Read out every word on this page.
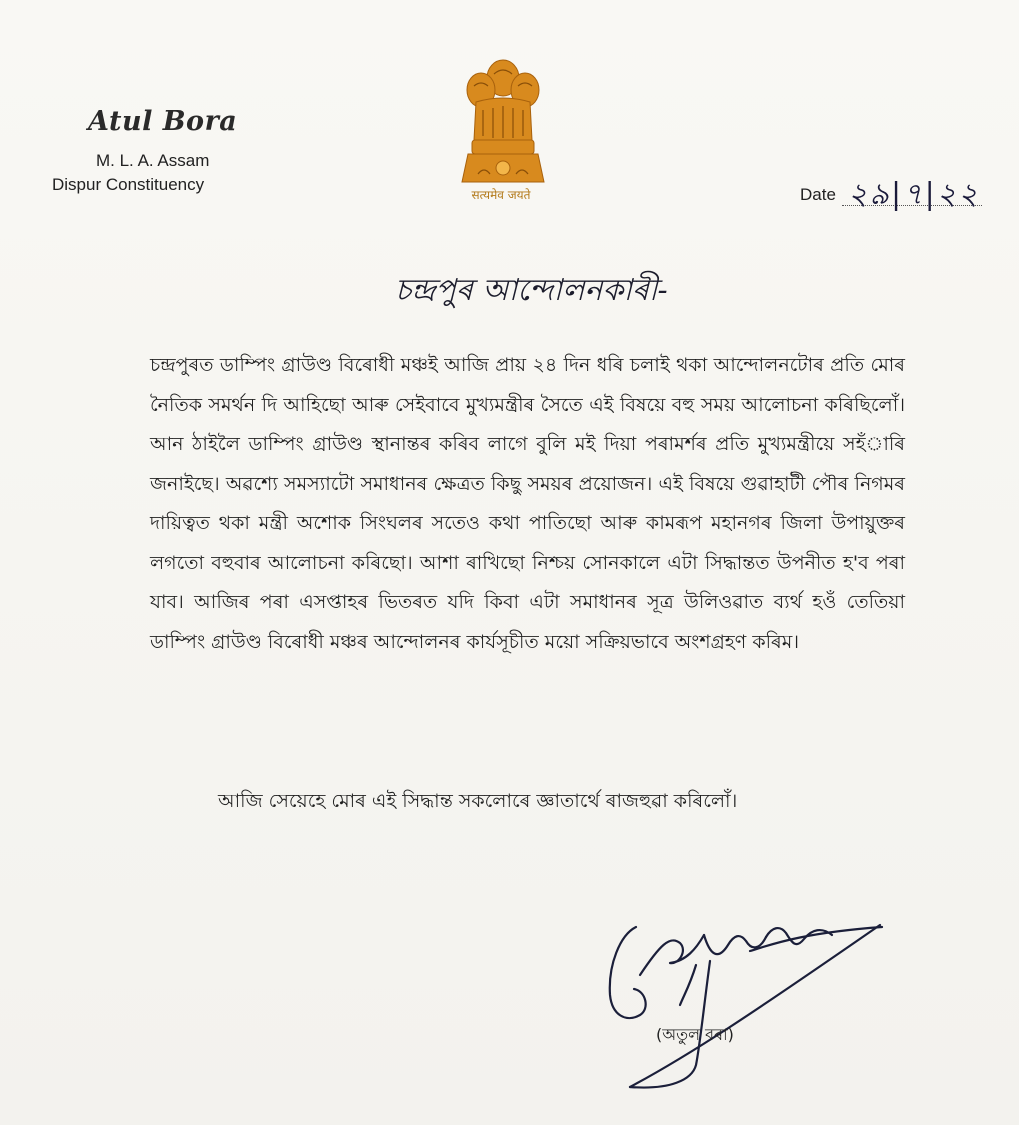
Atul Bora
M. L. A. Assam
Dispur Constituency
सत्यमेव जयते	Date ২৯|৭|২২
চন্দ্ৰপুৰ আন্দোলনকাৰী-

চন্দ্ৰপুৰত ডাম্পিং গ্ৰাউণ্ড বিৰোধী মঞ্চই আজি প্ৰায় ২৪ দিন ধৰি চলাই থকা আন্দোলনটোৰ প্ৰতি মোৰ নৈতিক সমৰ্থন দি আহিছো আৰু সেইবাবে মুখ্যমন্ত্ৰীৰ সৈতে এই বিষয়ে বহু সময় আলোচনা কৰিছিলোঁ। আন ঠাইলৈ ডাম্পিং গ্ৰাউণ্ড স্থানান্তৰ কৰিব লাগে বুলি মই দিয়া পৰামৰ্শৰ প্ৰতি মুখ্যমন্ত্ৰীয়ে সহঁাৰি জনাইছে। অৱশ্যে সমস্যাটো সমাধানৰ ক্ষেত্ৰত কিছু সময়ৰ প্ৰয়োজন। এই বিষয়ে গুৱাহাটী পৌৰ নিগমৰ দায়িত্বত থকা মন্ত্ৰী অশোক সিংঘলৰ সতেও কথা পাতিছো আৰু কামৰূপ মহানগৰ জিলা উপায়ুক্তৰ লগতো বহুবাৰ আলোচনা কৰিছো। আশা ৰাখিছো নিশ্চয় সোনকালে এটা সিদ্ধান্তত উপনীত হ'ব পৰা যাব। আজিৰ পৰা এসপ্তাহৰ ভিতৰত যদি কিবা এটা সমাধানৰ সূত্ৰ উলিওৱাত ব্যৰ্থ হওঁ তেতিয়া ডাম্পিং গ্ৰাউণ্ড বিৰোধী মঞ্চৰ আন্দোলনৰ কাৰ্যসূচীত ময়ো সক্ৰিয়ভাবে অংশগ্ৰহণ কৰিম।

আজি সেয়েহে মোৰ এই সিদ্ধান্ত সকলোৰে জ্ঞাতাৰ্থে ৰাজহুৱা কৰিলোঁ।

(অতুল বৰা)
